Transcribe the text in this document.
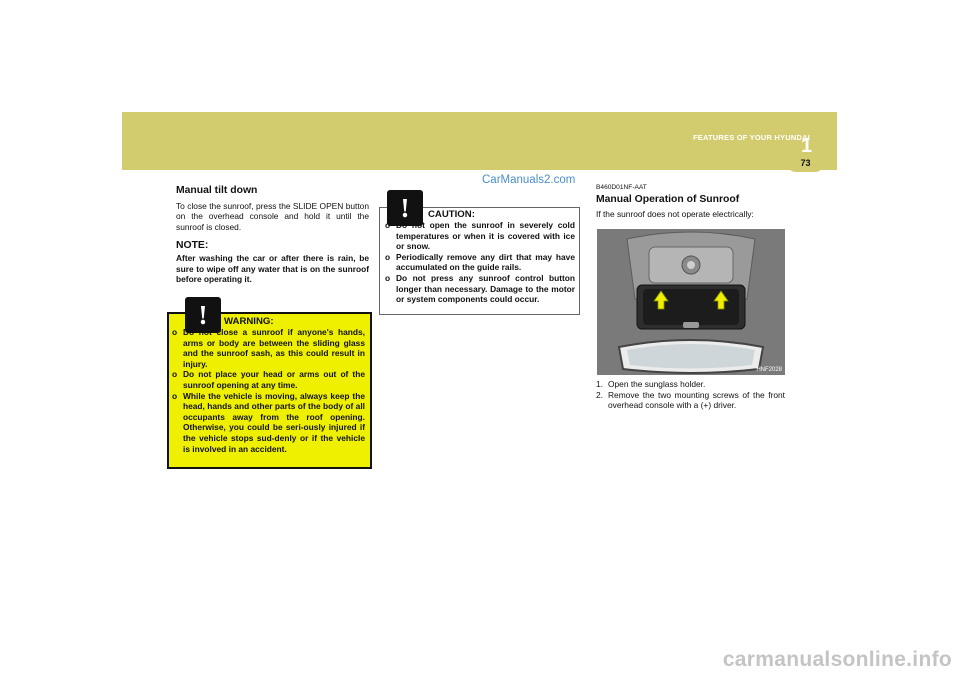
1
FEATURES OF YOUR HYUNDAI
73
CarManuals2.com
Manual tilt down

To close the sunroof, press the SLIDE OPEN button on the overhead console and hold it until the sunroof is closed.

NOTE:

After washing the car or after there is rain, be sure to wipe off any water that is on the sunroof before operating it.

!	WARNING:
o Do not close a sunroof if anyone's hands, arms or body are between the sliding glass and the sunroof sash, as this could result in injury.
o Do not place your head or arms out of the sunroof opening at any time.
o While the vehicle is moving, always keep the head, hands and other parts of the body of all occupants away from the roof opening. Otherwise, you could be seri-ously injured if the vehicle stops sud-denly or if the vehicle is involved in an accident.
!	CAUTION:
o Do not open the sunroof in severely cold temperatures or when it is covered with ice or snow.
o Periodically remove any dirt that may have accumulated on the guide rails.
o Do not press any sunroof control button longer than necessary. Damage to the motor or system components could occur.
B460D01NF-AAT
Manual Operation of Sunroof

If the sunroof does not operate electrically:

HNF2028
1. Open the sunglass holder.
2. Remove the two mounting screws of the front overhead console with a (+) driver.
carmanualsonline.info
